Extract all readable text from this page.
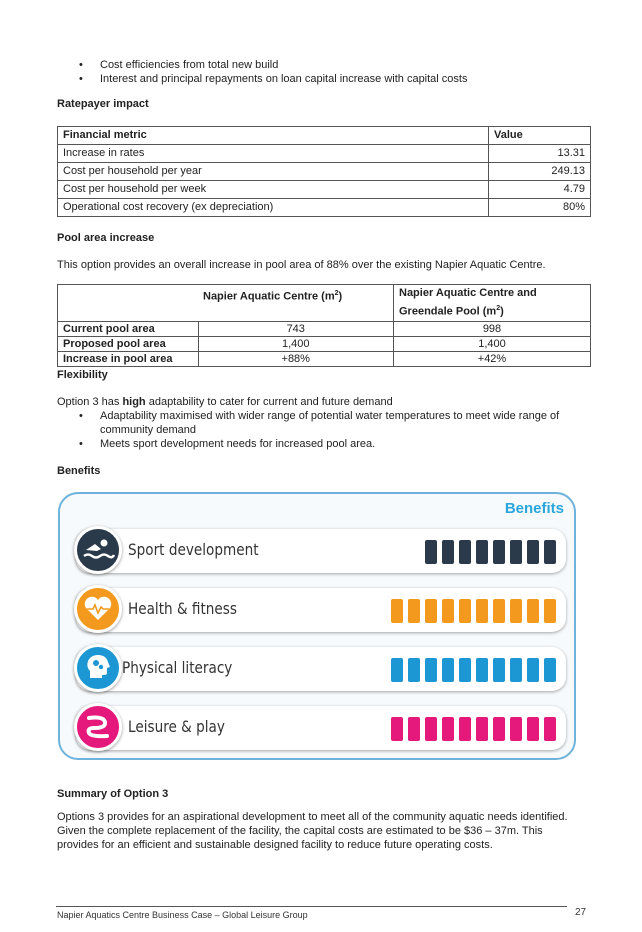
• Cost efficiencies from total new build
• Interest and principal repayments on loan capital increase with capital costs
Ratepayer impact
Financial metric	Value
Increase in rates	13.31
Cost per household per year	249.13
Cost per household per week	4.79
Operational cost recovery (ex depreciation)	80%
Pool area increase
This option provides an overall increase in pool area of 88% over the existing Napier Aquatic Centre.
	Napier Aquatic Centre $(m^2)$	Napier Aquatic Centre and Greendale Pool $(m^2)$
Current pool area	743	998
Proposed pool area	1,400	1,400
Increase in pool area	+88%	+42%
Flexibility
Option 3 has high adaptability to cater for current and future demand
• Adaptability maximised with wider range of potential water temperatures to meet wide range of community demand
• Meets sport development needs for increased pool area.
Benefits
Benefits
Sport development
Health & fitness
Physical literacy
Leisure & play
Summary of Option 3
Options 3 provides for an aspirational development to meet all of the community aquatic needs identified. Given the complete replacement of the facility, the capital costs are estimated to be $36 – 37m. This provides for an efficient and sustainable designed facility to reduce future operating costs.
Napier Aquatics Centre Business Case – Global Leisure Group	27
